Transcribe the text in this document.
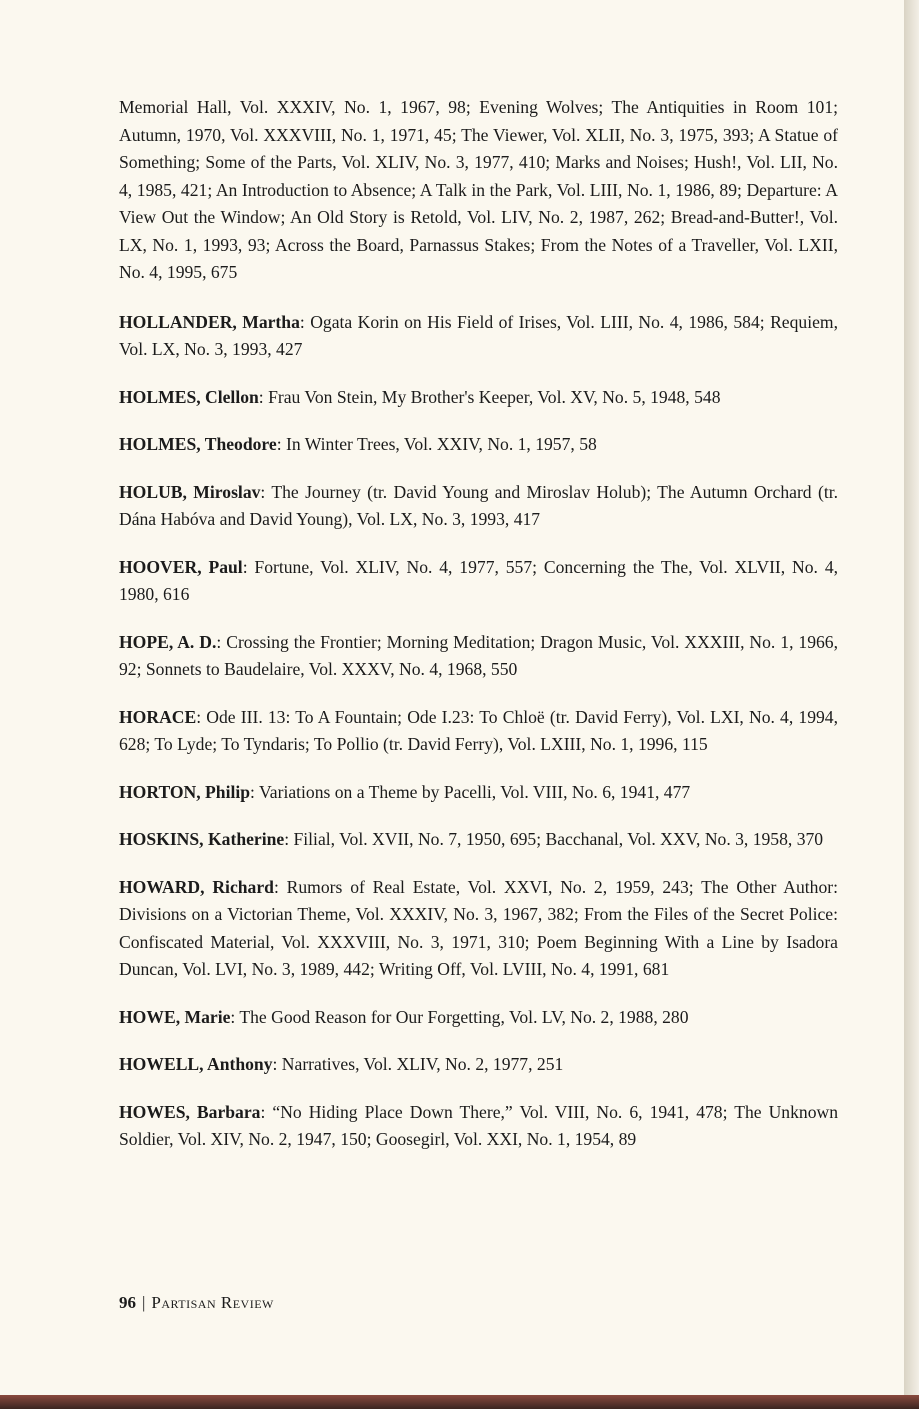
Memorial Hall, Vol. XXXIV, No. 1, 1967, 98; Evening Wolves; The Antiquities in Room 101; Autumn, 1970, Vol. XXXVIII, No. 1, 1971, 45; The Viewer, Vol. XLII, No. 3, 1975, 393; A Statue of Something; Some of the Parts, Vol. XLIV, No. 3, 1977, 410; Marks and Noises; Hush!, Vol. LII, No. 4, 1985, 421; An Introduction to Absence; A Talk in the Park, Vol. LIII, No. 1, 1986, 89; Departure: A View Out the Window; An Old Story is Retold, Vol. LIV, No. 2, 1987, 262; Bread-and-Butter!, Vol. LX, No. 1, 1993, 93; Across the Board, Parnassus Stakes; From the Notes of a Traveller, Vol. LXII, No. 4, 1995, 675

HOLLANDER, Martha: Ogata Korin on His Field of Irises, Vol. LIII, No. 4, 1986, 584; Requiem, Vol. LX, No. 3, 1993, 427

HOLMES, Clellon: Frau Von Stein, My Brother's Keeper, Vol. XV, No. 5, 1948, 548

HOLMES, Theodore: In Winter Trees, Vol. XXIV, No. 1, 1957, 58

HOLUB, Miroslav: The Journey (tr. David Young and Miroslav Holub); The Autumn Orchard (tr. Dána Habóva and David Young), Vol. LX, No. 3, 1993, 417

HOOVER, Paul: Fortune, Vol. XLIV, No. 4, 1977, 557; Concerning the The, Vol. XLVII, No. 4, 1980, 616

HOPE, A. D.: Crossing the Frontier; Morning Meditation; Dragon Music, Vol. XXXIII, No. 1, 1966, 92; Sonnets to Baudelaire, Vol. XXXV, No. 4, 1968, 550

HORACE: Ode III. 13: To A Fountain; Ode I.23: To Chloë (tr. David Ferry), Vol. LXI, No. 4, 1994, 628; To Lyde; To Tyndaris; To Pollio (tr. David Ferry), Vol. LXIII, No. 1, 1996, 115

HORTON, Philip: Variations on a Theme by Pacelli, Vol. VIII, No. 6, 1941, 477

HOSKINS, Katherine: Filial, Vol. XVII, No. 7, 1950, 695; Bacchanal, Vol. XXV, No. 3, 1958, 370

HOWARD, Richard: Rumors of Real Estate, Vol. XXVI, No. 2, 1959, 243; The Other Author: Divisions on a Victorian Theme, Vol. XXXIV, No. 3, 1967, 382; From the Files of the Secret Police: Confiscated Material, Vol. XXXVIII, No. 3, 1971, 310; Poem Beginning With a Line by Isadora Duncan, Vol. LVI, No. 3, 1989, 442; Writing Off, Vol. LVIII, No. 4, 1991, 681

HOWE, Marie: The Good Reason for Our Forgetting, Vol. LV, No. 2, 1988, 280

HOWELL, Anthony: Narratives, Vol. XLIV, No. 2, 1977, 251

HOWES, Barbara: “No Hiding Place Down There,” Vol. VIII, No. 6, 1941, 478; The Unknown Soldier, Vol. XIV, No. 2, 1947, 150; Goosegirl, Vol. XXI, No. 1, 1954, 89

96 | Partisan Review
